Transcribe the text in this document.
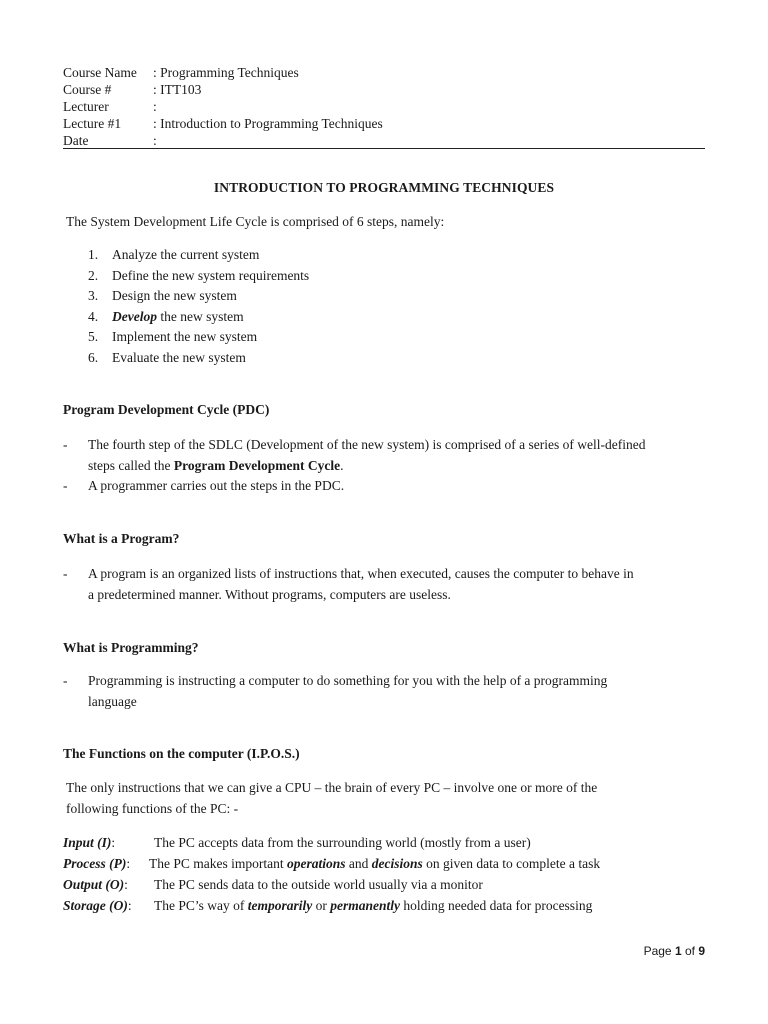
Course Name	: Programming Techniques
Course #	: ITT103
Lecturer	:
Lecture #1	: Introduction to Programming Techniques
Date	:
INTRODUCTION TO PROGRAMMING TECHNIQUES
The System Development Life Cycle is comprised of 6 steps, namely:
1.	Analyze the current system
2.	Define the new system requirements
3.	Design the new system
4.	Develop the new system
5.	Implement the new system
6.	Evaluate the new system
Program Development Cycle (PDC)
-	The fourth step of the SDLC (Development of the new system) is comprised of a series of well-defined
steps called the Program Development Cycle.
-	A programmer carries out the steps in the PDC.
What is a Program?
-	A program is an organized lists of instructions that, when executed, causes the computer to behave in
a predetermined manner. Without programs, computers are useless.
What is Programming?
-	Programming is instructing a computer to do something for you with the help of a programming
language
The Functions on the computer (I.P.O.S.)
The only instructions that we can give a CPU – the brain of every PC – involve one or more of the
following functions of the PC: -
Input (I):	The PC accepts data from the surrounding world (mostly from a user)
Process (P): The PC makes important operations and decisions on given data to complete a task
Output (O): The PC sends data to the outside world usually via a monitor
Storage (O): The PC’s way of temporarily or permanently holding needed data for processing
Page 1 of 9
